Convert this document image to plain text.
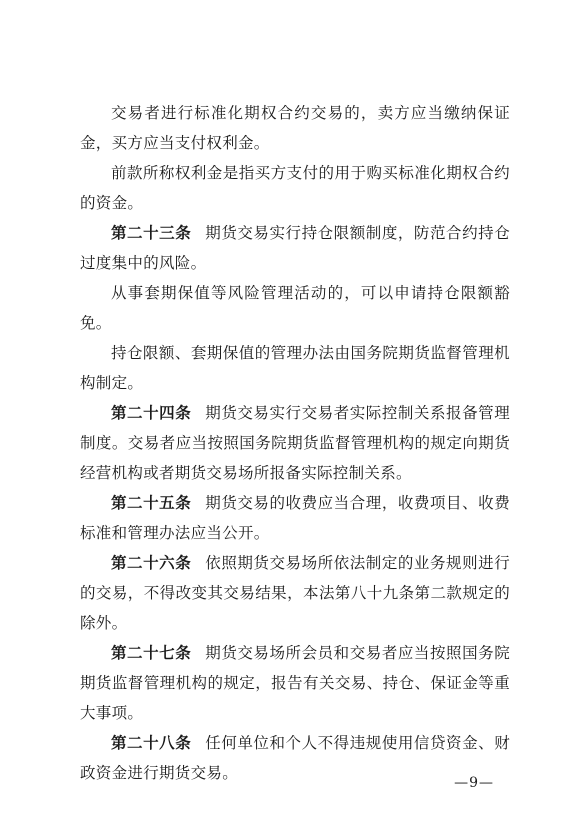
交易者进行标准化期权合约交易的，卖方应当缴纳保证金，买方应当支付权利金。

前款所称权利金是指买方支付的用于购买标准化期权合约的资金。

第二十三条 期货交易实行持仓限额制度，防范合约持仓过度集中的风险。

从事套期保值等风险管理活动的，可以申请持仓限额豁免。

持仓限额、套期保值的管理办法由国务院期货监督管理机构制定。

第二十四条 期货交易实行交易者实际控制关系报备管理制度。交易者应当按照国务院期货监督管理机构的规定向期货经营机构或者期货交易场所报备实际控制关系。

第二十五条 期货交易的收费应当合理，收费项目、收费标准和管理办法应当公开。

第二十六条 依照期货交易场所依法制定的业务规则进行的交易，不得改变其交易结果，本法第八十九条第二款规定的除外。

第二十七条 期货交易场所会员和交易者应当按照国务院期货监督管理机构的规定，报告有关交易、持仓、保证金等重大事项。

第二十八条 任何单位和个人不得违规使用信贷资金、财政资金进行期货交易。

—9—
